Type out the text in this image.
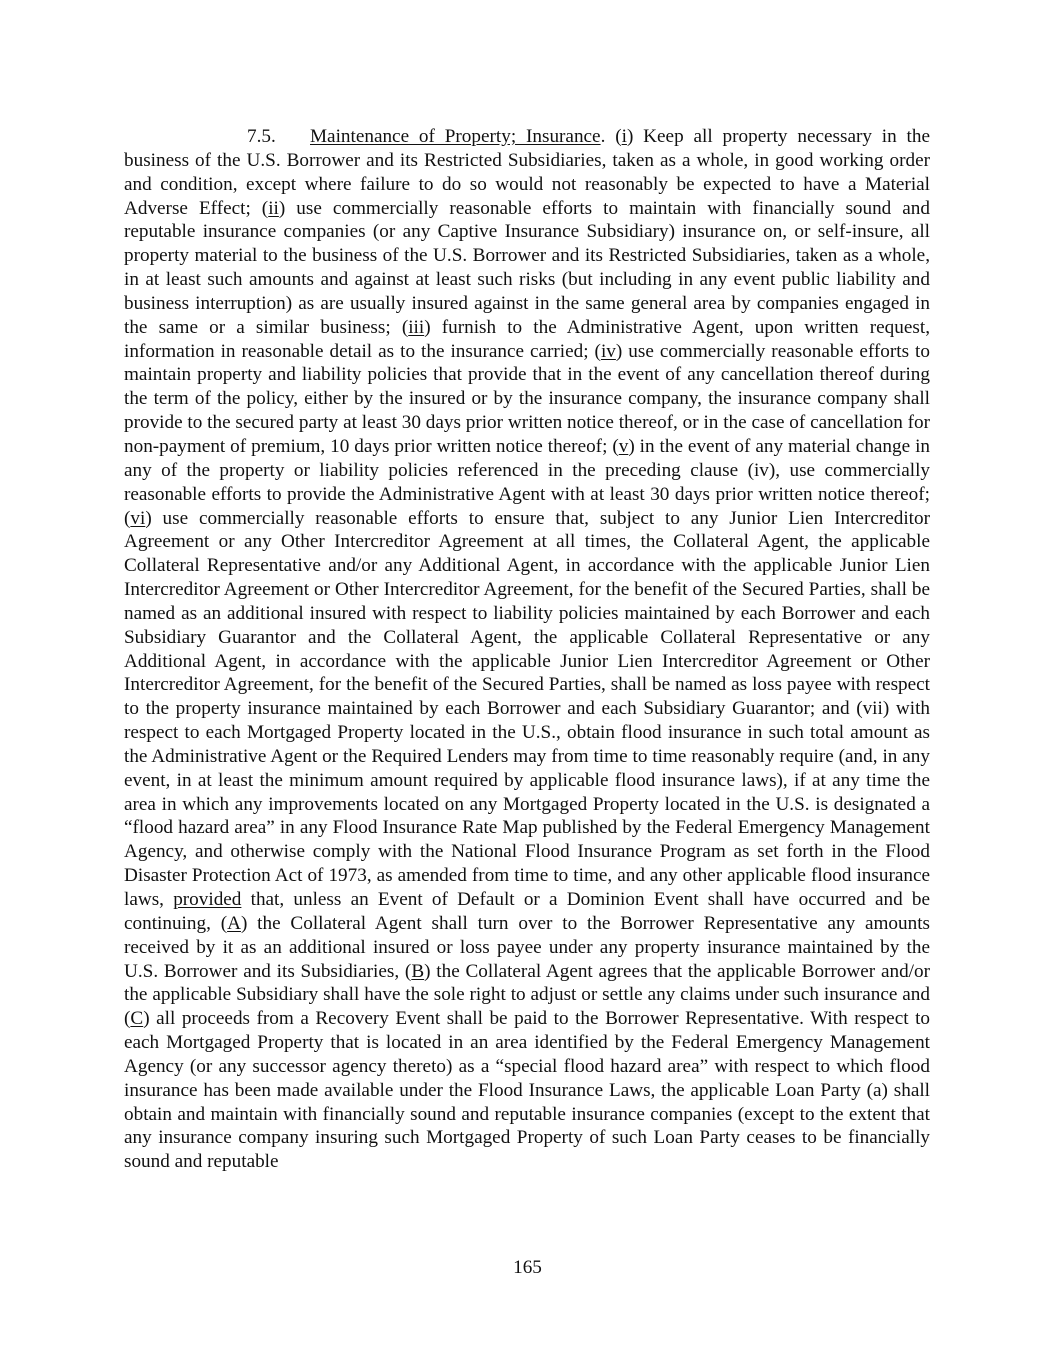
7.5. Maintenance of Property; Insurance. (i) Keep all property necessary in the business of the U.S. Borrower and its Restricted Subsidiaries, taken as a whole, in good working order and condition, except where failure to do so would not reasonably be expected to have a Material Adverse Effect; (ii) use commercially reasonable efforts to maintain with financially sound and reputable insurance companies (or any Captive Insurance Subsidiary) insurance on, or self-insure, all property material to the business of the U.S. Borrower and its Restricted Subsidiaries, taken as a whole, in at least such amounts and against at least such risks (but including in any event public liability and business interruption) as are usually insured against in the same general area by companies engaged in the same or a similar business; (iii) furnish to the Administrative Agent, upon written request, information in reasonable detail as to the insurance carried; (iv) use commercially reasonable efforts to maintain property and liability policies that provide that in the event of any cancellation thereof during the term of the policy, either by the insured or by the insurance company, the insurance company shall provide to the secured party at least 30 days prior written notice thereof, or in the case of cancellation for non-payment of premium, 10 days prior written notice thereof; (v) in the event of any material change in any of the property or liability policies referenced in the preceding clause (iv), use commercially reasonable efforts to provide the Administrative Agent with at least 30 days prior written notice thereof; (vi) use commercially reasonable efforts to ensure that, subject to any Junior Lien Intercreditor Agreement or any Other Intercreditor Agreement at all times, the Collateral Agent, the applicable Collateral Representative and/or any Additional Agent, in accordance with the applicable Junior Lien Intercreditor Agreement or Other Intercreditor Agreement, for the benefit of the Secured Parties, shall be named as an additional insured with respect to liability policies maintained by each Borrower and each Subsidiary Guarantor and the Collateral Agent, the applicable Collateral Representative or any Additional Agent, in accordance with the applicable Junior Lien Intercreditor Agreement or Other Intercreditor Agreement, for the benefit of the Secured Parties, shall be named as loss payee with respect to the property insurance maintained by each Borrower and each Subsidiary Guarantor; and (vii) with respect to each Mortgaged Property located in the U.S., obtain flood insurance in such total amount as the Administrative Agent or the Required Lenders may from time to time reasonably require (and, in any event, in at least the minimum amount required by applicable flood insurance laws), if at any time the area in which any improvements located on any Mortgaged Property located in the U.S. is designated a “flood hazard area” in any Flood Insurance Rate Map published by the Federal Emergency Management Agency, and otherwise comply with the National Flood Insurance Program as set forth in the Flood Disaster Protection Act of 1973, as amended from time to time, and any other applicable flood insurance laws, provided that, unless an Event of Default or a Dominion Event shall have occurred and be continuing, (A) the Collateral Agent shall turn over to the Borrower Representative any amounts received by it as an additional insured or loss payee under any property insurance maintained by the U.S. Borrower and its Subsidiaries, (B) the Collateral Agent agrees that the applicable Borrower and/or the applicable Subsidiary shall have the sole right to adjust or settle any claims under such insurance and (C) all proceeds from a Recovery Event shall be paid to the Borrower Representative. With respect to each Mortgaged Property that is located in an area identified by the Federal Emergency Management Agency (or any successor agency thereto) as a “special flood hazard area” with respect to which flood insurance has been made available under the Flood Insurance Laws, the applicable Loan Party (a) shall obtain and maintain with financially sound and reputable insurance companies (except to the extent that any insurance company insuring such Mortgaged Property of such Loan Party ceases to be financially sound and reputable

165
